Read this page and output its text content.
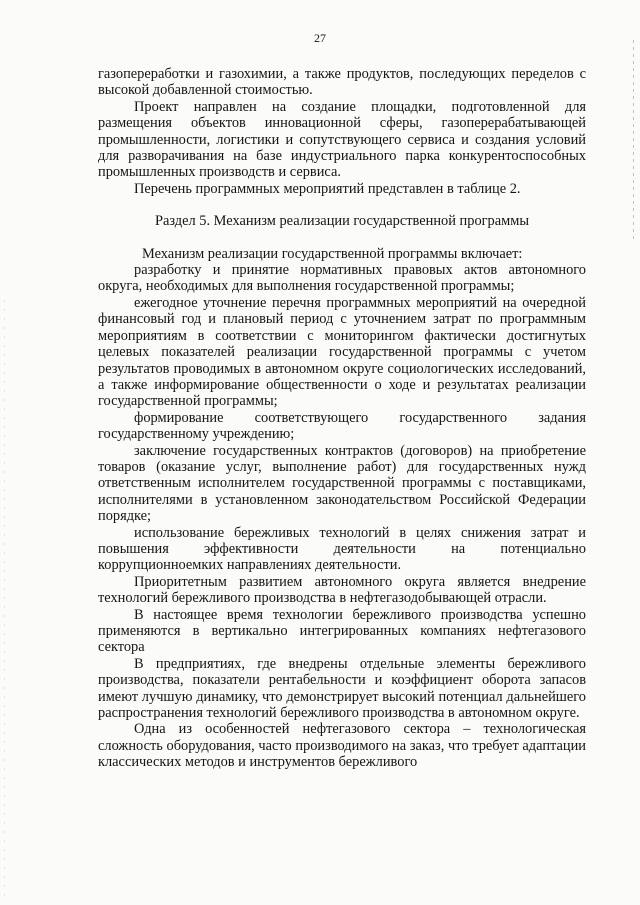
27

газопереработки и газохимии, а также продуктов, последующих переделов с высокой добавленной стоимостью.

Проект направлен на создание площадки, подготовленной для размещения объектов инновационной сферы, газоперерабатывающей промышленности, логистики и сопутствующего сервиса и создания условий для разворачивания на базе индустриального парка конкурентоспособных промышленных производств и сервиса.

Перечень программных мероприятий представлен в таблице 2.

Раздел 5. Механизм реализации государственной программы

Механизм реализации государственной программы включает:

разработку и принятие нормативных правовых актов автономного округа, необходимых для выполнения государственной программы;

ежегодное уточнение перечня программных мероприятий на очередной финансовый год и плановый период с уточнением затрат по программным мероприятиям в соответствии с мониторингом фактически достигнутых целевых показателей реализации государственной программы с учетом результатов проводимых в автономном округе социологических исследований, а также информирование общественности о ходе и результатах реализации государственной программы;

формирование соответствующего государственного задания государственному учреждению;

заключение государственных контрактов (договоров) на приобретение товаров (оказание услуг, выполнение работ) для государственных нужд ответственным исполнителем государственной программы с поставщиками, исполнителями в установленном законодательством Российской Федерации порядке;

использование бережливых технологий в целях снижения затрат и повышения эффективности деятельности на потенциально коррупционноемких направлениях деятельности.

Приоритетным развитием автономного округа является внедрение технологий бережливого производства в нефтегазодобывающей отрасли.

В настоящее время технологии бережливого производства успешно применяются в вертикально интегрированных компаниях нефтегазового сектора

В предприятиях, где внедрены отдельные элементы бережливого производства, показатели рентабельности и коэффициент оборота запасов имеют лучшую динамику, что демонстрирует высокий потенциал дальнейшего распространения технологий бережливого производства в автономном округе.

Одна из особенностей нефтегазового сектора – технологическая сложность оборудования, часто производимого на заказ, что требует адаптации классических методов и инструментов бережливого
